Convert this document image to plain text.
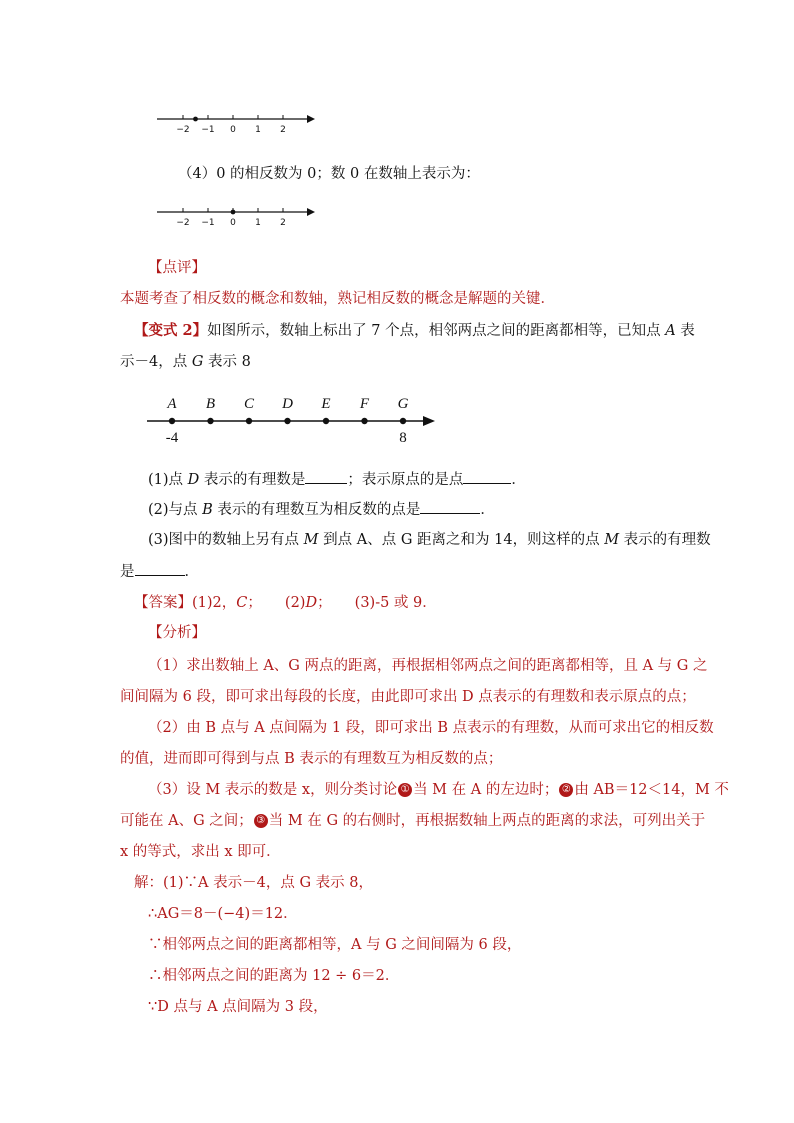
−2 −1 0 1 2
（4）0 的相反数为 0；数 0 在数轴上表示为：
−2 −1 0 1 2
【点评】
本题考查了相反数的概念和数轴，熟记相反数的概念是解题的关键．
【变式 2】如图所示，数轴上标出了 7 个点，相邻两点之间的距离都相等，已知点 A 表
示－4，点 G 表示 8
A
-4
B C D E F G
8
(1)点 D 表示的有理数是	；表示原点的是点	．
(2)与点 B 表示的有理数互为相反数的点是	．
(3)图中的数轴上另有点 M 到点 A、点 G 距离之和为 14，则这样的点 M 表示的有理数
是	．
【答案】(1)2，C； (2)D； (3)-5 或 9．
【分析】
（1）求出数轴上 A、G 两点的距离，再根据相邻两点之间的距离都相等，且 A 与 G 之
间间隔为 6 段，即可求出每段的长度，由此即可求出 D 点表示的有理数和表示原点的点；
（2）由 B 点与 A 点间隔为 1 段，即可求出 B 点表示的有理数，从而可求出它的相反数
的值，进而即可得到与点 B 表示的有理数互为相反数的点；
（3）设 M 表示的数是 x，则分类讨论 ① 当 M 在 A 的左边时； ② 由 AB＝12＜14，M 不
可能在 A、G 之间； ③ 当 M 在 G 的右侧时，再根据数轴上两点的距离的求法，可列出关于
x 的等式，求出 x 即可．
解：(1)∵A 表示－4，点 G 表示 8，
∴AG＝8－(−4)＝12．
∵相邻两点之间的距离都相等，A 与 G 之间间隔为 6 段，
∴相邻两点之间的距离为 12 ÷ 6＝2．
∵D 点与 A 点间隔为 3 段，
